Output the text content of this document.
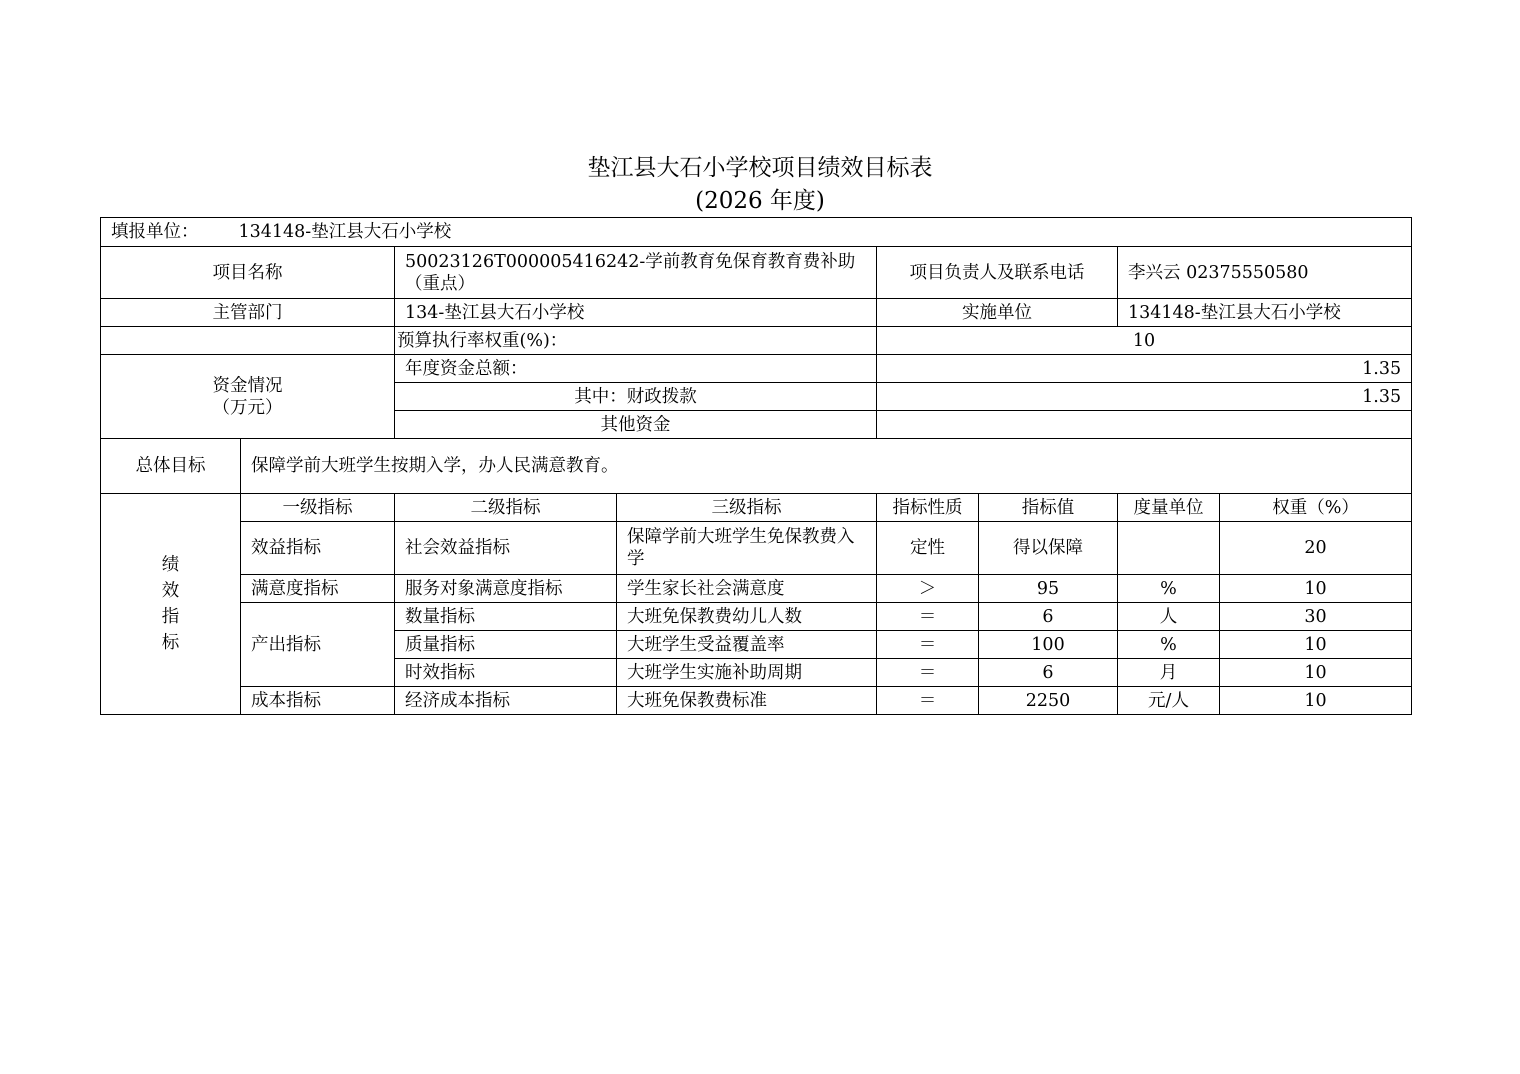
垫江县大石小学校项目绩效目标表
(2026 年度)
填报单位： 134148-垫江县大石小学校							
项目名称		50023126T000005416242-学前教育免保育教育费补助（重点）		项目负责人及联系电话		李兴云 02375550580	
主管部门		134-垫江县大石小学校		实施单位		134148-垫江县大石小学校	
		预算执行率权重(%)：		10			

资金情况
（万元）		年度资金总额：		1.35			
		其中：财政拨款		1.35			
		其他资金					
总体目标	保障学前大班学生按期入学，办人民满意教育。						

绩
效
指
标	一级指标	二级指标	三级指标	指标性质	指标值	度量单位	权重（%）
	效益指标	社会效益指标	保障学前大班学生免保教费入学	定性	得以保障		20
	满意度指标	服务对象满意度指标	学生家长社会满意度	＞	95	%	10
	产出指标	数量指标	大班免保教费幼儿人数	＝	6	人	30
		质量指标	大班学生受益覆盖率	＝	100	%	10
		时效指标	大班学生实施补助周期	＝	6	月	10
	成本指标	经济成本指标	大班免保教费标准	＝	2250	元/人	10
